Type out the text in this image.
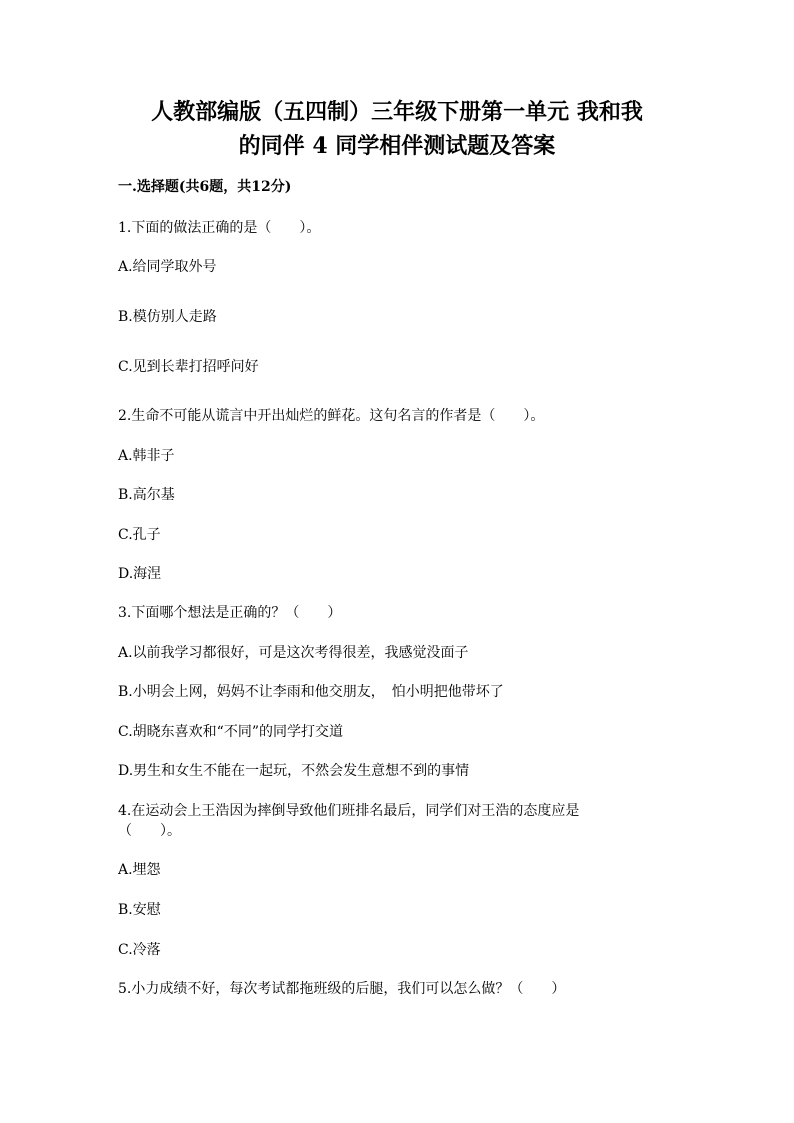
人教部编版（五四制）三年级下册第一单元 我和我
的同伴 4 同学相伴测试题及答案
一.选择题(共6题，共12分)
1.下面的做法正确的是（　　）。
A.给同学取外号
B.模仿别人走路
C.见到长辈打招呼问好
2.生命不可能从谎言中开出灿烂的鲜花。这句名言的作者是（　　）。
A.韩非子
B.高尔基
C.孔子
D.海涅
3.下面哪个想法是正确的？（　　）
A.以前我学习都很好，可是这次考得很差，我感觉没面子
B.小明会上网，妈妈不让李雨和他交朋友，　怕小明把他带坏了
C.胡晓东喜欢和“不同”的同学打交道
D.男生和女生不能在一起玩，不然会发生意想不到的事情
4.在运动会上王浩因为摔倒导致他们班排名最后，同学们对王浩的态度应是
（　　）。
A.埋怨
B.安慰
C.冷落
5.小力成绩不好，每次考试都拖班级的后腿，我们可以怎么做？（　　）
